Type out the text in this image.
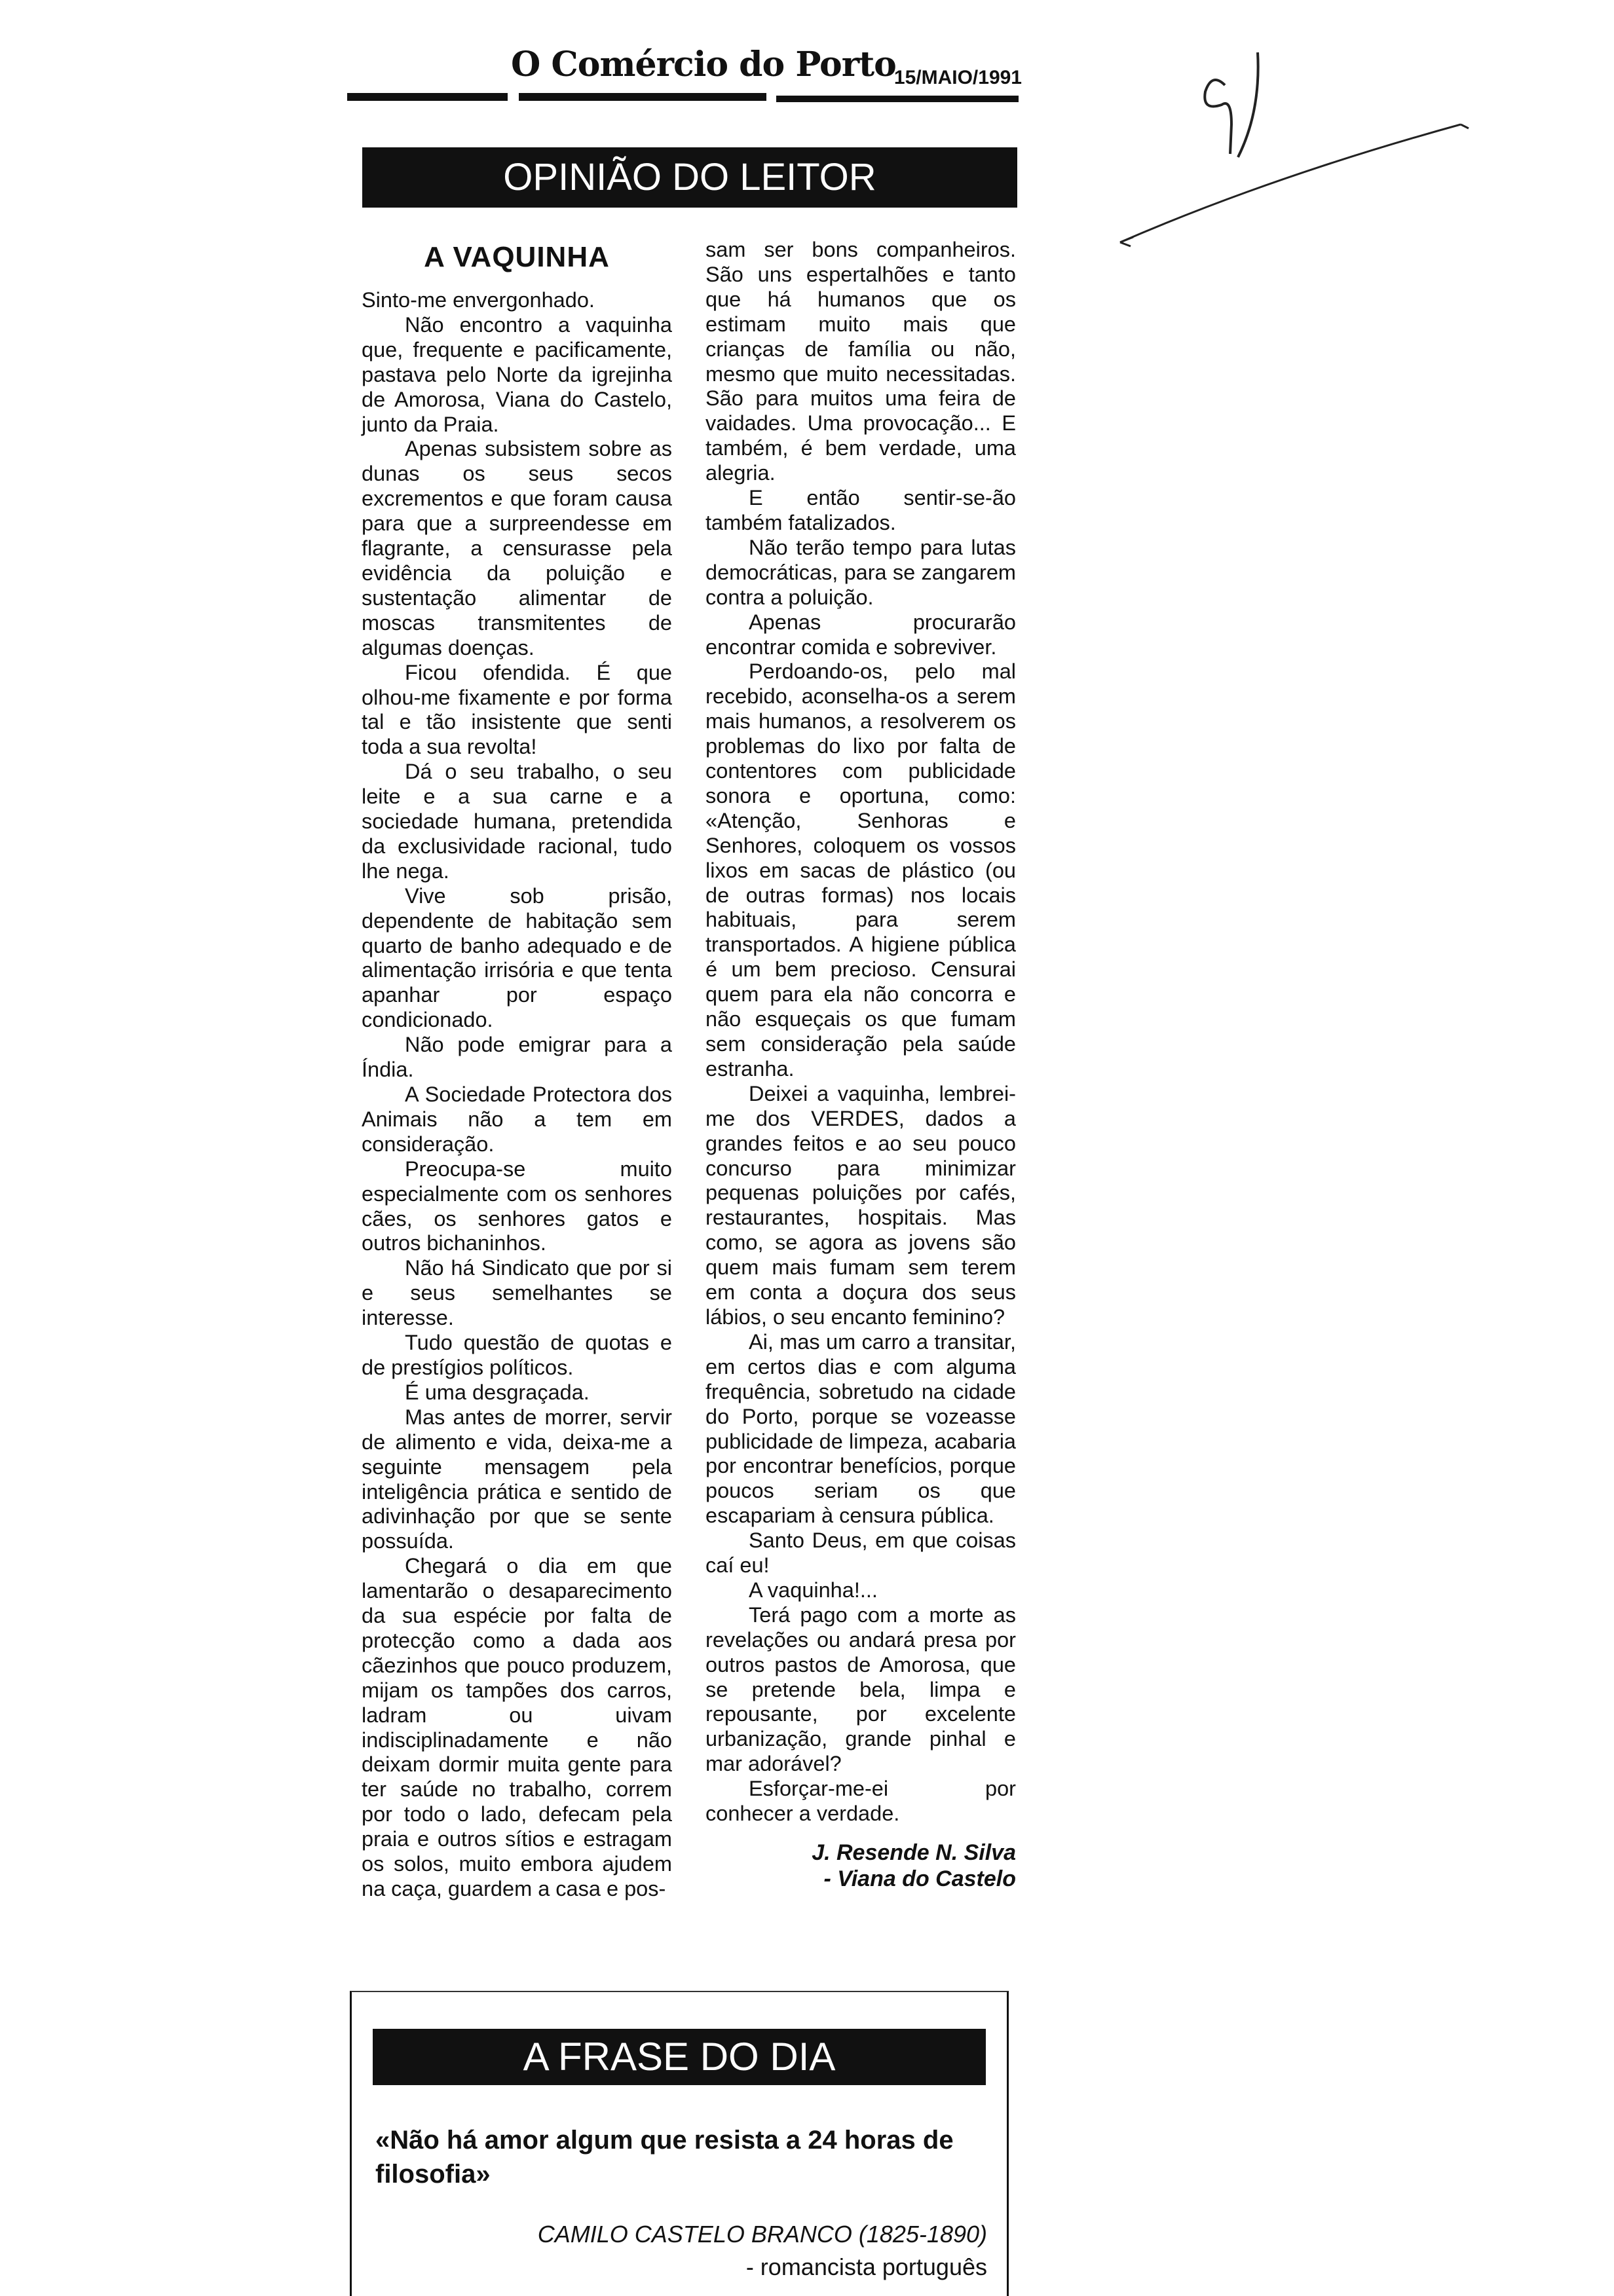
O Comércio do Porto
15/MAIO/1991
OPINIÃO DO LEITOR
A VAQUINHA

Sinto-me envergonhado.

Não encontro a vaquinha que, frequente e pacificamente, pastava pelo Norte da igrejinha de Amorosa, Viana do Castelo, junto da Praia.

Apenas subsistem sobre as dunas os seus secos excrementos e que foram causa para que a surpreendesse em flagrante, a censurasse pela evidência da poluição e sustentação alimentar de moscas transmitentes de algumas doenças.

Ficou ofendida. É que olhou-me fixamente e por forma tal e tão insistente que senti toda a sua revolta!

Dá o seu trabalho, o seu leite e a sua carne e a sociedade humana, pretendida da exclusividade racional, tudo lhe nega.

Vive sob prisão, dependente de habitação sem quarto de banho adequado e de alimentação irrisória e que tenta apanhar por espaço condicionado.

Não pode emigrar para a Índia.

A Sociedade Protectora dos Animais não a tem em consideração.

Preocupa-se muito especialmente com os senhores cães, os senhores gatos e outros bichaninhos.

Não há Sindicato que por si e seus semelhantes se interesse.

Tudo questão de quotas e de prestígios políticos.

É uma desgraçada.

Mas antes de morrer, servir de alimento e vida, deixa-me a seguinte mensagem pela inteligência prática e sentido de adivinhação por que se sente possuída.

Chegará o dia em que lamentarão o desaparecimento da sua espécie por falta de protecção como a dada aos cãezinhos que pouco produzem, mijam os tampões dos carros, ladram ou uivam indisciplinadamente e não deixam dormir muita gente para ter saúde no trabalho, correm por todo o lado, defecam pela praia e outros sítios e estragam os solos, muito embora ajudem na caça, guardem a casa e pos-

sam ser bons companheiros. São uns espertalhões e tanto que há humanos que os estimam muito mais que crianças de família ou não, mesmo que muito necessitadas. São para muitos uma feira de vaidades. Uma provocação... E também, é bem verdade, uma alegria.

E então sentir-se-ão também fatalizados.

Não terão tempo para lutas democráticas, para se zangarem contra a poluição.

Apenas procurarão encontrar comida e sobreviver.

Perdoando-os, pelo mal recebido, aconselha-os a serem mais humanos, a resolverem os problemas do lixo por falta de contentores com publicidade sonora e oportuna, como: «Atenção, Senhoras e Senhores, coloquem os vossos lixos em sacas de plástico (ou de outras formas) nos locais habituais, para serem transportados. A higiene pública é um bem precioso. Censurai quem para ela não concorra e não esqueçais os que fumam sem consideração pela saúde estranha.

Deixei a vaquinha, lembrei-me dos VERDES, dados a grandes feitos e ao seu pouco concurso para minimizar pequenas poluições por cafés, restaurantes, hospitais. Mas como, se agora as jovens são quem mais fumam sem terem em conta a doçura dos seus lábios, o seu encanto feminino?

Ai, mas um carro a transitar, em certos dias e com alguma frequência, sobretudo na cidade do Porto, porque se vozeasse publicidade de limpeza, acabaria por encontrar benefícios, porque poucos seriam os que escapariam à censura pública.

Santo Deus, em que coisas caí eu!

A vaquinha!...

Terá pago com a morte as revelações ou andará presa por outros pastos de Amorosa, que se pretende bela, limpa e repousante, por excelente urbanização, grande pinhal e mar adorável?

Esforçar-me-ei por conhecer a verdade.

J. Resende N. Silva
- Viana do Castelo
A FRASE DO DIA
«Não há amor algum que resista a 24 horas de filosofia»
CAMILO CASTELO BRANCO (1825-1890)
- romancista português
